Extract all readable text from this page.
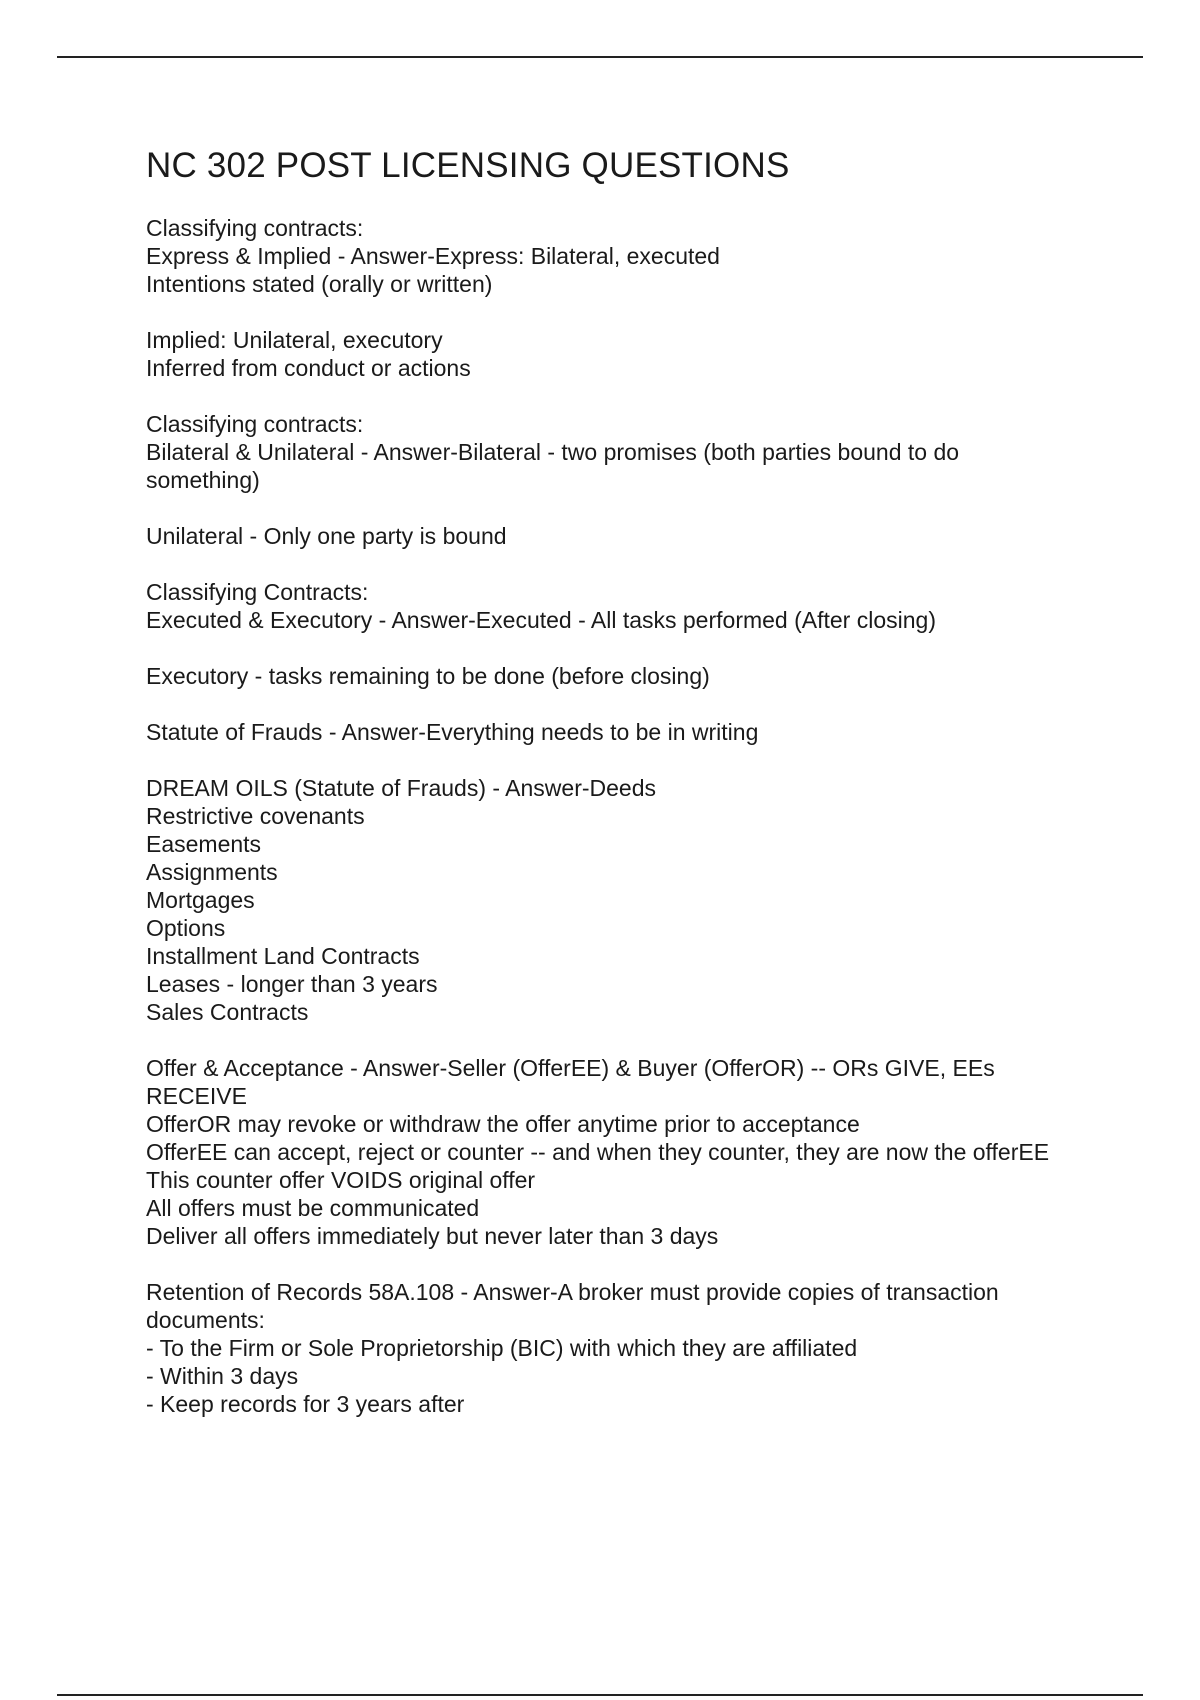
NC 302 POST LICENSING QUESTIONS
Classifying contracts:
Express & Implied - Answer-Express: Bilateral, executed
Intentions stated (orally or written)
Implied: Unilateral, executory
Inferred from conduct or actions
Classifying contracts:
Bilateral & Unilateral - Answer-Bilateral - two promises (both parties bound to do something)
Unilateral - Only one party is bound
Classifying Contracts:
Executed & Executory - Answer-Executed - All tasks performed (After closing)
Executory - tasks remaining to be done (before closing)
Statute of Frauds - Answer-Everything needs to be in writing
DREAM OILS (Statute of Frauds) - Answer-Deeds
Restrictive covenants
Easements
Assignments
Mortgages
Options
Installment Land Contracts
Leases - longer than 3 years
Sales Contracts
Offer & Acceptance - Answer-Seller (OfferEE) & Buyer (OfferOR) -- ORs GIVE, EEs RECEIVE
OfferOR may revoke or withdraw the offer anytime prior to acceptance
OfferEE can accept, reject or counter -- and when they counter, they are now the offerEE
This counter offer VOIDS original offer
All offers must be communicated
Deliver all offers immediately but never later than 3 days
Retention of Records 58A.108 - Answer-A broker must provide copies of transaction documents:
- To the Firm or Sole Proprietorship (BIC) with which they are affiliated
- Within 3 days
- Keep records for 3 years after
